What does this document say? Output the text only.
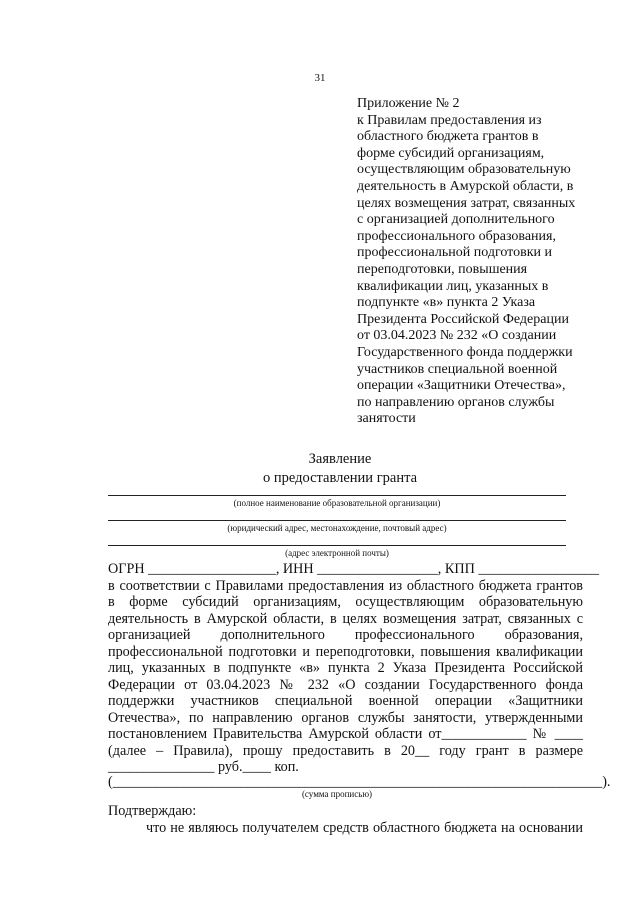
31
Приложение № 2
к Правилам предоставления из
областного бюджета грантов в
форме субсидий организациям,
осуществляющим образовательную
деятельность в Амурской области, в
целях возмещения затрат, связанных
с организацией дополнительного
профессионального образования,
профессиональной подготовки и
переподготовки, повышения
квалификации лиц, указанных в
подпункте «в» пункта 2 Указа
Президента Российской Федерации
от 03.04.2023 № 232 «О создании
Государственного фонда поддержки
участников специальной военной
операции «Защитники Отечества»,
по направлению органов службы
занятости
Заявление
о предоставлении гранта
(полное наименование образовательной организации)
(юридический адрес, местонахождение, почтовый адрес)
(адрес электронной почты)
ОГРН __________________, ИНН _________________, КПП _________________
в соответствии с Правилами предоставления из областного бюджета грантов
в форме субсидий организациям, осуществляющим образовательную
деятельность в Амурской области, в целях возмещения затрат, связанных с
организацией дополнительного профессионального образования,
профессиональной подготовки и переподготовки, повышения квалификации
лиц, указанных в подпункте «в» пункта 2 Указа Президента Российской
Федерации от 03.04.2023 № 232 «О создании Государственного фонда
поддержки участников специальной военной операции «Защитники
Отечества», по направлению органов службы занятости, утвержденными
постановлением Правительства Амурской области от____________ № ____
(далее – Правила), прошу предоставить в 20__ году грант в размере
_______________ руб.____ коп.
(_____________________________________________________________________).
(сумма прописью)
Подтверждаю:
что не являюсь получателем средств областного бюджета на основании
